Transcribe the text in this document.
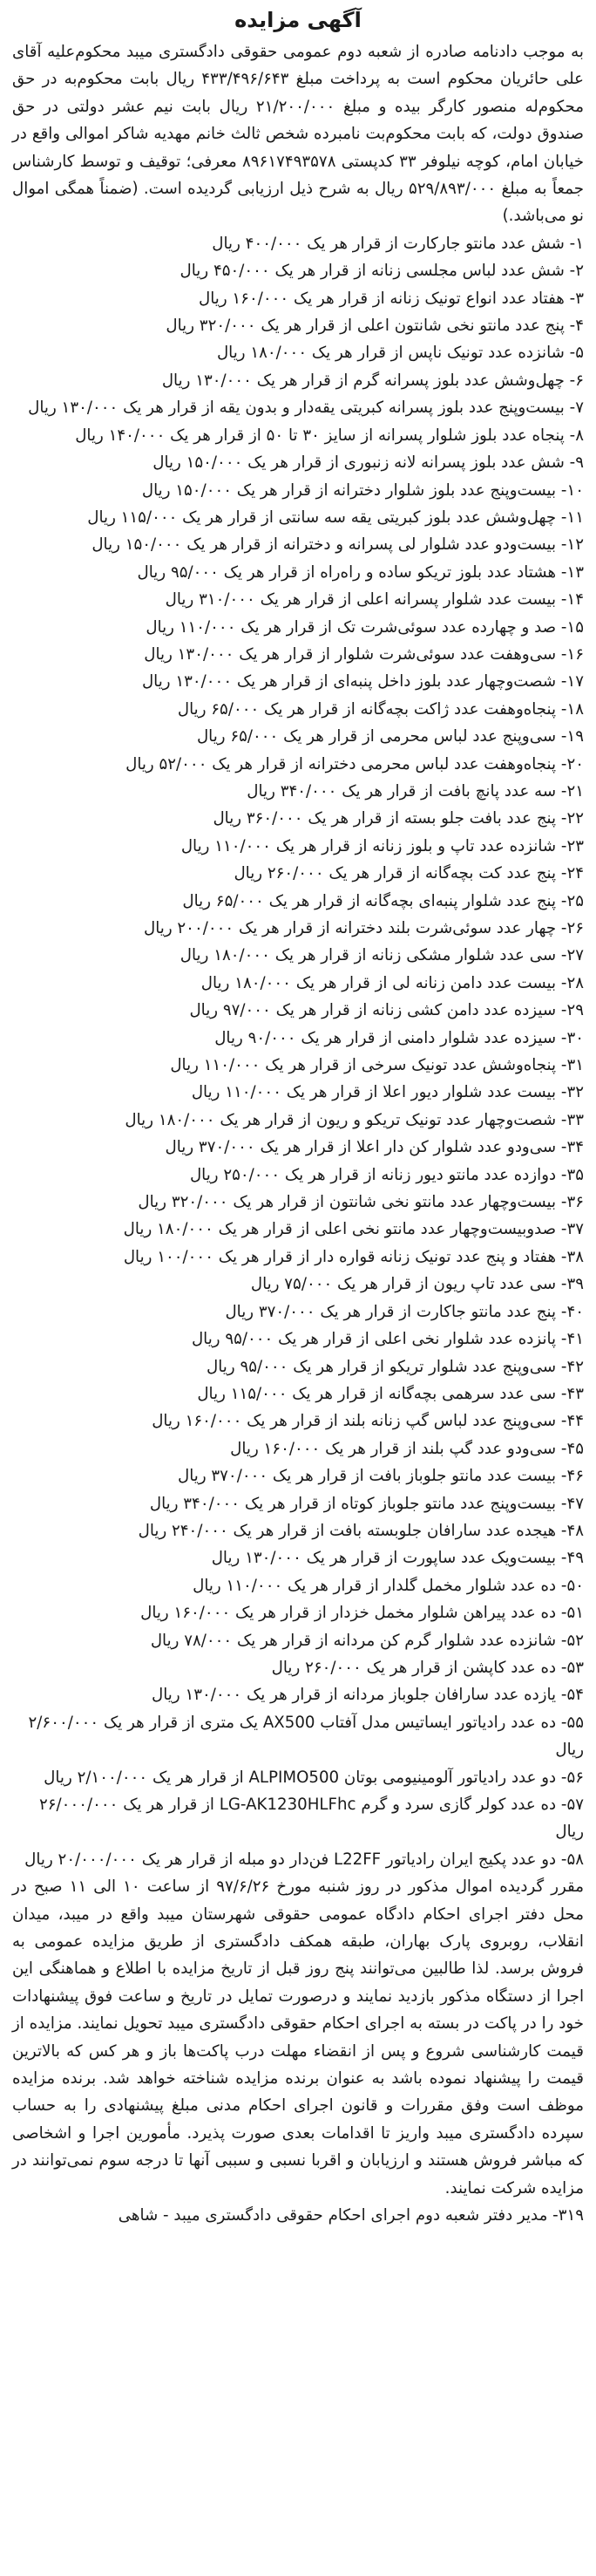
آگهی مزایده

به موجب دادنامه صادره از شعبه دوم عمومی حقوقی دادگستری میبد محکوم‌علیه آقای علی حائریان محکوم است به پرداخت مبلغ ۴۳۳/۴۹۶/۶۴۳ ریال بابت محکوم‌به در حق محکوم‌له منصور کارگر بیده و مبلغ ۲۱/۲۰۰/۰۰۰ ریال بابت نیم عشر دولتی در حق صندوق دولت، که بابت محکوم‌بت نامبرده شخص ثالث خانم مهدیه شاکر اموالی واقع در خیابان امام، کوچه نیلوفر ۳۳ کدپستی ۸۹۶۱۷۴۹۳۵۷۸ معرفی؛ توقیف و توسط کارشناس جمعاً به مبلغ ۵۲۹/۸۹۳/۰۰۰ ریال به شرح ذیل ارزیابی گردیده است. (ضمناً همگی اموال نو می‌باشد.)

۱- شش عدد مانتو جارکارت از قرار هر یک ۴۰۰/۰۰۰ ریال
۲- شش عدد لباس مجلسی زنانه از قرار هر یک ۴۵۰/۰۰۰ ریال
۳- هفتاد عدد انواع تونیک زنانه از قرار هر یک ۱۶۰/۰۰۰ ریال
۴- پنج عدد مانتو نخی شانتون اعلی از قرار هر یک ۳۲۰/۰۰۰ ریال
۵- شانزده عدد تونیک ناپس از قرار هر یک ۱۸۰/۰۰۰ ریال
۶- چهل‌وشش عدد بلوز پسرانه گرم از قرار هر یک ۱۳۰/۰۰۰ ریال
۷- بیست‌وپنج عدد بلوز پسرانه کبریتی یقه‌دار و بدون یقه از قرار هر یک ۱۳۰/۰۰۰ ریال
۸- پنجاه عدد بلوز شلوار پسرانه از سایز ۳۰ تا ۵۰ از قرار هر یک ۱۴۰/۰۰۰ ریال
۹- شش عدد بلوز پسرانه لانه زنبوری از قرار هر یک ۱۵۰/۰۰۰ ریال
۱۰- بیست‌وپنج عدد بلوز شلوار دخترانه از قرار هر یک ۱۵۰/۰۰۰ ریال
۱۱- چهل‌وشش عدد بلوز کبریتی یقه سه سانتی از قرار هر یک ۱۱۵/۰۰۰ ریال
۱۲- بیست‌ودو عدد شلوار لی پسرانه و دخترانه از قرار هر یک ۱۵۰/۰۰۰ ریال
۱۳- هشتاد عدد بلوز تریکو ساده و راه‌راه از قرار هر یک ۹۵/۰۰۰ ریال
۱۴- بیست عدد شلوار پسرانه اعلی از قرار هر یک ۳۱۰/۰۰۰ ریال
۱۵- صد و چهارده عدد سوئی‌شرت تک از قرار هر یک ۱۱۰/۰۰۰ ریال
۱۶- سی‌وهفت عدد سوئی‌شرت شلوار از قرار هر یک ۱۳۰/۰۰۰ ریال
۱۷- شصت‌وچهار عدد بلوز داخل پنبه‌ای از قرار هر یک ۱۳۰/۰۰۰ ریال
۱۸- پنجاه‌وهفت عدد ژاکت بچه‌گانه از قرار هر یک ۶۵/۰۰۰ ریال
۱۹- سی‌وپنج عدد لباس محرمی از قرار هر یک ۶۵/۰۰۰ ریال
۲۰- پنجاه‌وهفت عدد لباس محرمی دخترانه از قرار هر یک ۵۲/۰۰۰ ریال
۲۱- سه عدد پانچ بافت از قرار هر یک ۳۴۰/۰۰۰ ریال
۲۲- پنج عدد بافت جلو بسته از قرار هر یک ۳۶۰/۰۰۰ ریال
۲۳- شانزده عدد تاپ و بلوز زنانه از قرار هر یک ۱۱۰/۰۰۰ ریال
۲۴- پنج عدد کت بچه‌گانه از قرار هر یک ۲۶۰/۰۰۰ ریال
۲۵- پنج عدد شلوار پنبه‌ای بچه‌گانه از قرار هر یک ۶۵/۰۰۰ ریال
۲۶- چهار عدد سوئی‌شرت بلند دخترانه از قرار هر یک ۲۰۰/۰۰۰ ریال
۲۷- سی عدد شلوار مشکی زنانه از قرار هر یک ۱۸۰/۰۰۰ ریال
۲۸- بیست عدد دامن زنانه لی از قرار هر یک ۱۸۰/۰۰۰ ریال
۲۹- سیزده عدد دامن کشی زنانه از قرار هر یک ۹۷/۰۰۰ ریال
۳۰- سیزده عدد شلوار دامنی از قرار هر یک ۹۰/۰۰۰ ریال
۳۱- پنجاه‌وشش عدد تونیک سرخی از قرار هر یک ۱۱۰/۰۰۰ ریال
۳۲- بیست عدد شلوار دیور اعلا از قرار هر یک ۱۱۰/۰۰۰ ریال
۳۳- شصت‌وچهار عدد تونیک تریکو و ریون از قرار هر یک ۱۸۰/۰۰۰ ریال
۳۴- سی‌ودو عدد شلوار کن دار اعلا از قرار هر یک ۳۷۰/۰۰۰ ریال
۳۵- دوازده عدد مانتو دیور زنانه از قرار هر یک ۲۵۰/۰۰۰ ریال
۳۶- بیست‌وچهار عدد مانتو نخی شانتون از قرار هر یک ۳۲۰/۰۰۰ ریال
۳۷- صدوبیست‌وچهار عدد مانتو نخی اعلی از قرار هر یک ۱۸۰/۰۰۰ ریال
۳۸- هفتاد و پنج عدد تونیک زنانه قواره دار از قرار هر یک ۱۰۰/۰۰۰ ریال
۳۹- سی عدد تاپ ریون از قرار هر یک ۷۵/۰۰۰ ریال
۴۰- پنج عدد مانتو جاکارت از قرار هر یک ۳۷۰/۰۰۰ ریال
۴۱- پانزده عدد شلوار نخی اعلی از قرار هر یک ۹۵/۰۰۰ ریال
۴۲- سی‌وپنج عدد شلوار تریکو از قرار هر یک ۹۵/۰۰۰ ریال
۴۳- سی عدد سرهمی بچه‌گانه از قرار هر یک ۱۱۵/۰۰۰ ریال
۴۴- سی‌وپنج عدد لباس گپ زنانه بلند از قرار هر یک ۱۶۰/۰۰۰ ریال
۴۵- سی‌ودو عدد گپ بلند از قرار هر یک ۱۶۰/۰۰۰ ریال
۴۶- بیست عدد مانتو جلوباز بافت از قرار هر یک ۳۷۰/۰۰۰ ریال
۴۷- بیست‌وپنج عدد مانتو جلوباز کوتاه از قرار هر یک ۳۴۰/۰۰۰ ریال
۴۸- هیجده عدد سارافان جلوبسته بافت از قرار هر یک ۲۴۰/۰۰۰ ریال
۴۹- بیست‌ویک عدد ساپورت از قرار هر یک ۱۳۰/۰۰۰ ریال
۵۰- ده عدد شلوار مخمل گلدار از قرار هر یک ۱۱۰/۰۰۰ ریال
۵۱- ده عدد پیراهن شلوار مخمل خزدار از قرار هر یک ۱۶۰/۰۰۰ ریال
۵۲- شانزده عدد شلوار گرم کن مردانه از قرار هر یک ۷۸/۰۰۰ ریال
۵۳- ده عدد کاپشن از قرار هر یک ۲۶۰/۰۰۰ ریال
۵۴- یازده عدد سارافان جلوباز مردانه از قرار هر یک ۱۳۰/۰۰۰ ریال
۵۵- ده عدد رادیاتور ایساتیس مدل آفتاب AX500 یک متری از قرار هر یک ۲/۶۰۰/۰۰۰ ریال
۵۶- دو عدد رادیاتور آلومینیومی بوتان ALPIMO500 از قرار هر یک ۲/۱۰۰/۰۰۰ ریال
۵۷- ده عدد کولر گازی سرد و گرم LG-AK1230HLFhc از قرار هر یک ۲۶/۰۰۰/۰۰۰ ریال
۵۸- دو عدد پکیج ایران رادیاتور L22FF فن‌دار دو مبله از قرار هر یک ۲۰/۰۰۰/۰۰۰ ریال

مقرر گردیده اموال مذکور در روز شنبه مورخ ۹۷/۶/۲۶ از ساعت ۱۰ الی ۱۱ صبح در محل دفتر اجرای احکام دادگاه عمومی حقوقی شهرستان میبد واقع در میبد، میدان انقلاب، روبروی پارک بهاران، طبقه همکف دادگستری از طریق مزایده عمومی به فروش برسد. لذا طالبین می‌توانند پنج روز قبل از تاریخ مزایده با اطلاع و هماهنگی این اجرا از دستگاه مذکور بازدید نمایند و درصورت تمایل در تاریخ و ساعت فوق پیشنهادات خود را در پاکت در بسته به اجرای احکام حقوقی دادگستری میبد تحویل نمایند. مزایده از قیمت کارشناسی شروع و پس از انقضاء مهلت درب پاکت‌ها باز و هر کس که بالاترین قیمت را پیشنهاد نموده باشد به عنوان برنده مزایده شناخته خواهد شد. برنده مزایده موظف است وفق مقررات و قانون اجرای احکام مدنی مبلغ پیشنهادی را به حساب سپرده دادگستری میبد واریز تا اقدامات بعدی صورت پذیرد. مأمورین اجرا و اشخاصی که مباشر فروش هستند و ارزیابان و اقربا نسبی و سببی آنها تا درجه سوم نمی‌توانند در مزایده شرکت نمایند.

۳۱۹- مدیر دفتر شعبه دوم اجرای احکام حقوقی دادگستری میبد - شاهی
